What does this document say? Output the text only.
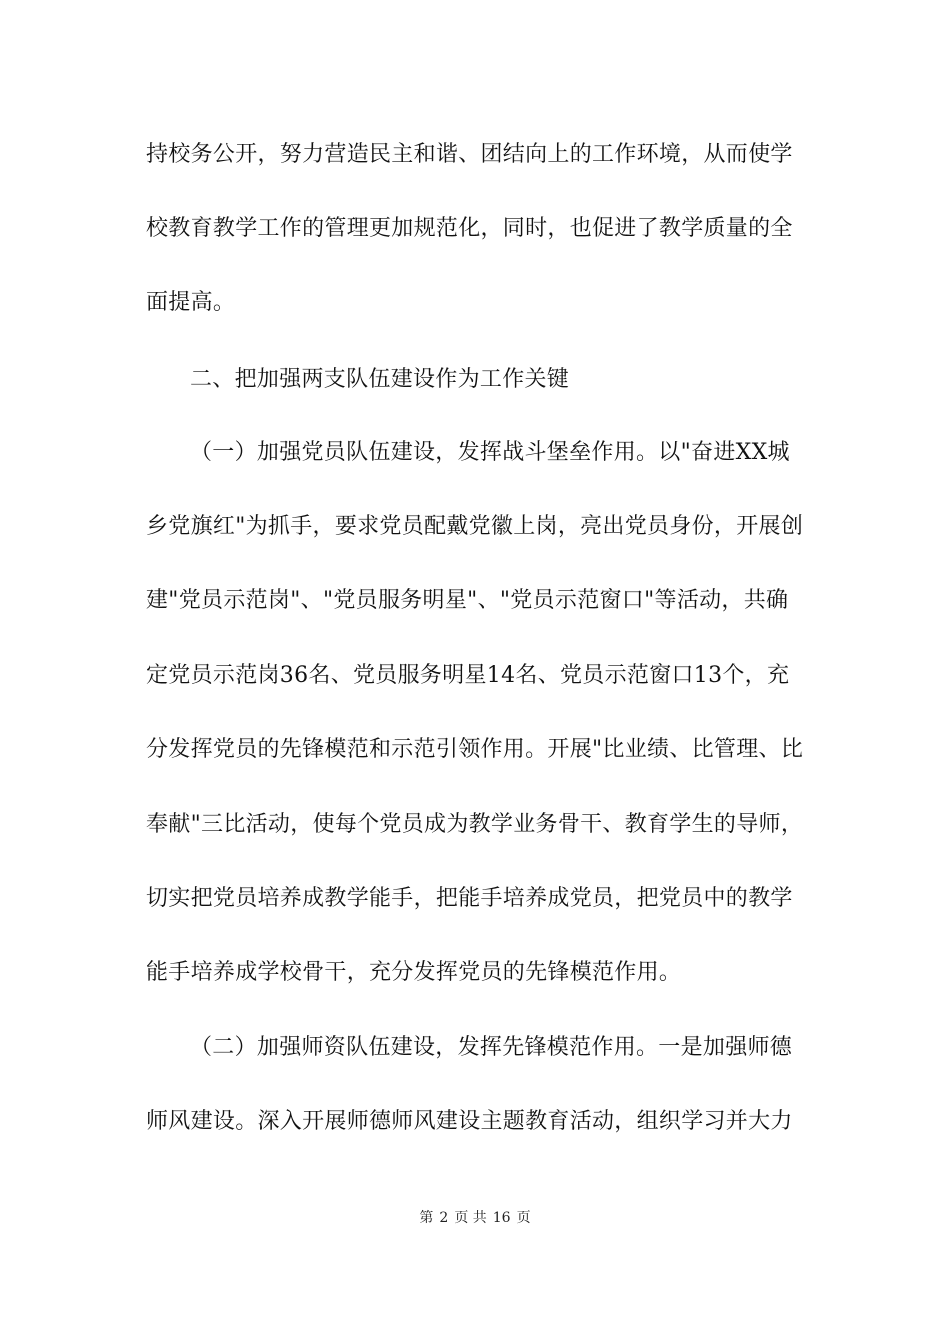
持校务公开，努力营造民主和谐、团结向上的工作环境，从而使学
校教育教学工作的管理更加规范化，同时，也促进了教学质量的全
面提高。
二、把加强两支队伍建设作为工作关键
（一）加强党员队伍建设，发挥战斗堡垒作用。以"奋进XX城
乡党旗红"为抓手，要求党员配戴党徽上岗，亮出党员身份，开展创
建"党员示范岗"、"党员服务明星"、"党员示范窗口"等活动，共确
定党员示范岗36名、党员服务明星14名、党员示范窗口13个，充
分发挥党员的先锋模范和示范引领作用。开展"比业绩、比管理、比
奉献"三比活动，使每个党员成为教学业务骨干、教育学生的导师，
切实把党员培养成教学能手，把能手培养成党员，把党员中的教学
能手培养成学校骨干，充分发挥党员的先锋模范作用。
（二）加强师资队伍建设，发挥先锋模范作用。一是加强师德
师风建设。深入开展师德师风建设主题教育活动，组织学习并大力
第 2 页 共 16 页
